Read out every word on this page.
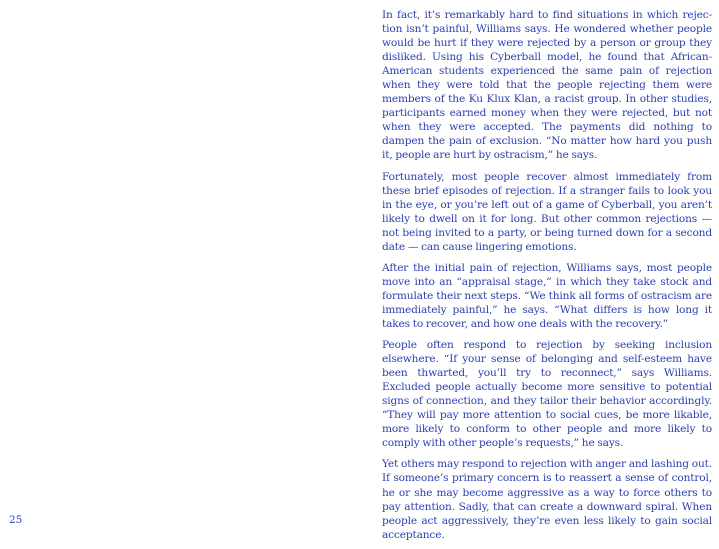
In fact, it’s remarkably hard to find situations in which rejec-tion isn’t painful, Williams says. He wondered whether people would be hurt if they were rejected by a person or group they disliked. Using his Cyberball model, he found that African-American students experienced the same pain of rejection when they were told that the people rejecting them were members of the Ku Klux Klan, a racist group. In other studies, participants earned money when they were rejected, but not when they were accepted. The payments did nothing to dampen the pain of exclusion. “No matter how hard you push it, people are hurt by ostracism,” he says.

Fortunately, most people recover almost immediately from these brief episodes of rejection. If a stranger fails to look you in the eye, or you’re left out of a game of Cyberball, you aren’t likely to dwell on it for long. But other common rejections — not being invited to a party, or being turned down for a second date — can cause lingering emotions.

After the initial pain of rejection, Williams says, most people move into an “appraisal stage,” in which they take stock and formulate their next steps. “We think all forms of ostracism are immediately painful,” he says. “What differs is how long it takes to recover, and how one deals with the recovery.”

People often respond to rejection by seeking inclusion elsewhere. “If your sense of belonging and self-esteem have been thwarted, you’ll try to reconnect,” says Williams. Excluded people actually become more sensitive to potential signs of connection, and they tailor their behavior accordingly. “They will pay more attention to social cues, be more likable, more likely to conform to other people and more likely to comply with other people’s requests,” he says.

Yet others may respond to rejection with anger and lashing out. If someone’s primary concern is to reassert a sense of control, he or she may become aggressive as a way to force others to pay attention. Sadly, that can create a downward spiral. When people act aggressively, they’re even less likely to gain social acceptance.

25
